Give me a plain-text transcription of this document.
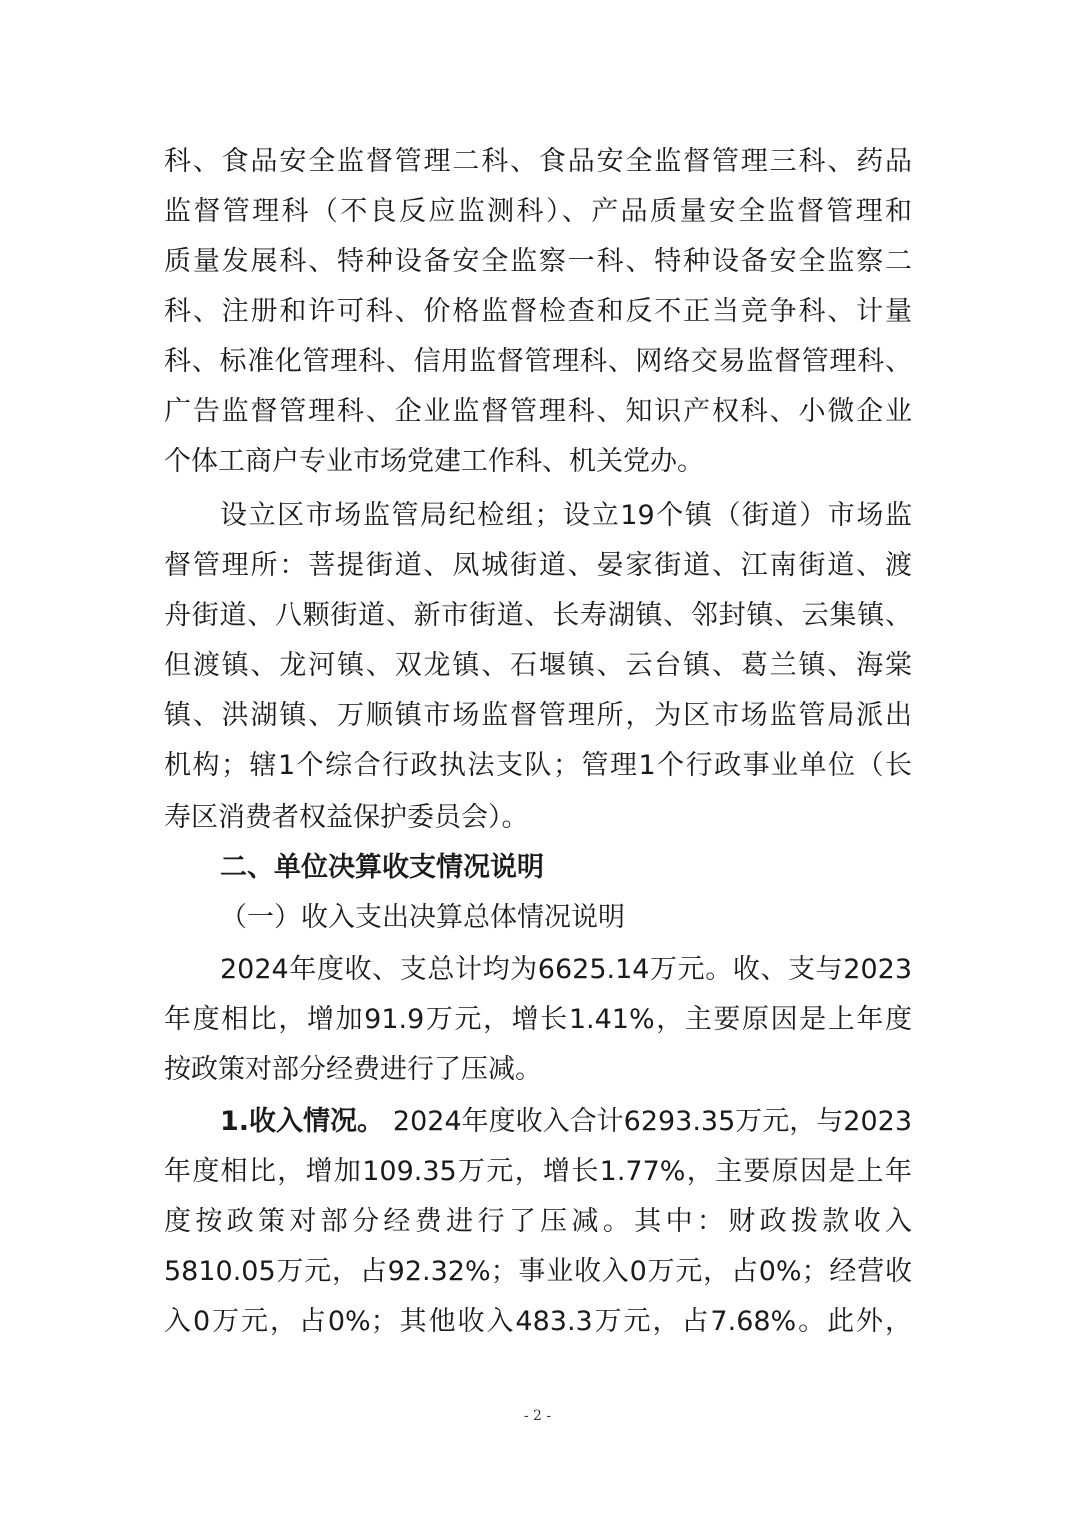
科、食品安全监督管理二科、食品安全监督管理三科、药品
监督管理科（不良反应监测科）、产品质量安全监督管理和
质量发展科、特种设备安全监察一科、特种设备安全监察二
科、注册和许可科、价格监督检查和反不正当竞争科、计量
科、标准化管理科、信用监督管理科、网络交易监督管理科、
广告监督管理科、企业监督管理科、知识产权科、小微企业
个体工商户专业市场党建工作科、机关党办。
设立区市场监管局纪检组；设立19个镇（街道）市场监
督管理所：菩提街道、凤城街道、晏家街道、江南街道、渡
舟街道、八颗街道、新市街道、长寿湖镇、邻封镇、云集镇、
但渡镇、龙河镇、双龙镇、石堰镇、云台镇、葛兰镇、海棠
镇、洪湖镇、万顺镇市场监督管理所，为区市场监管局派出
机构；辖1个综合行政执法支队；管理1个行政事业单位（长
寿区消费者权益保护委员会）。
二、单位决算收支情况说明
（一）收入支出决算总体情况说明
2024年度收、支总计均为6625.14万元。收、支与2023
年度相比，增加91.9万元，增长1.41%，主要原因是上年度
按政策对部分经费进行了压减。
1.收入情况。 2024年度收入合计6293.35万元，与2023
年度相比，增加109.35万元，增长1.77%，主要原因是上年
度按政策对部分经费进行了压减。其中：财政拨款收入
5810.05万元，占92.32%；事业收入0万元，占0%；经营收
入0万元，占0%；其他收入483.3万元，占7.68%。此外，
- 2 -
